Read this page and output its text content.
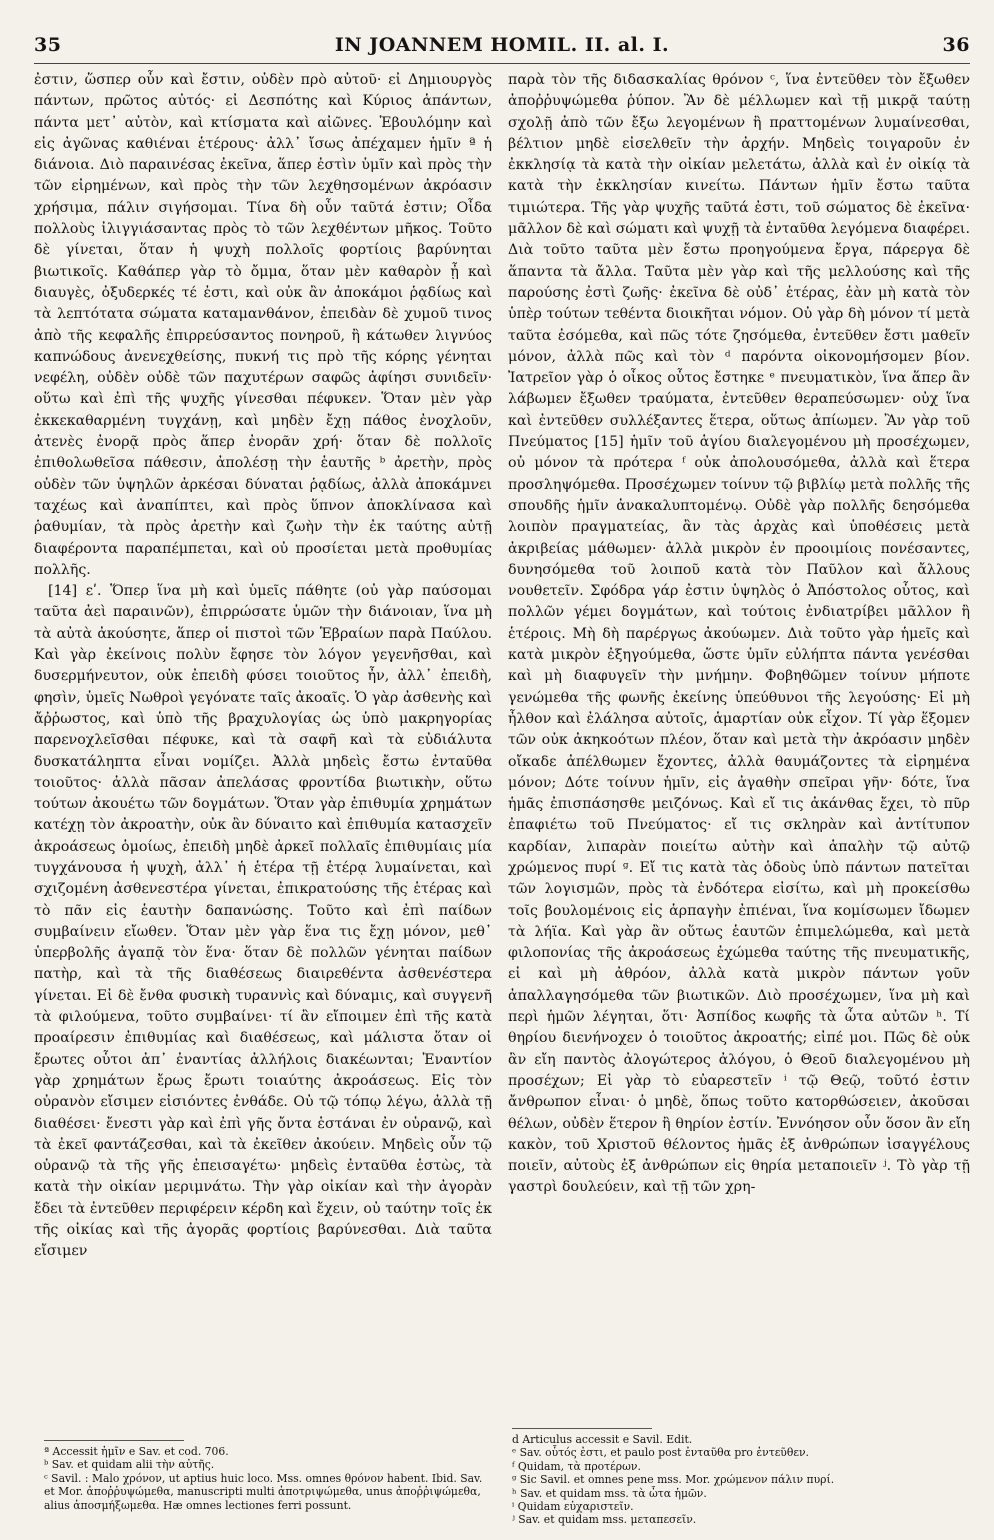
35	IN JOANNEM HOMIL. II. al. I.	36

ἐστιν, ὥσπερ οὖν καὶ ἔστιν, οὐδὲν πρὸ αὐτοῦ· εἰ Δημιουργὸς πάντων, πρῶτος αὐτός· εἰ Δεσπότης καὶ Κύριος ἁπάντων, πάντα μετ᾽ αὐτὸν, καὶ κτίσματα καὶ αἰῶνες. Ἐβουλόμην καὶ εἰς ἀγῶνας καθιέναι ἑτέρους· ἀλλ᾽ ἴσως ἀπέχαμεν ἡμῖν ª ἡ διάνοια. Διὸ παραινέσας ἐκεῖνα, ἅπερ ἐστὶν ὑμῖν καὶ πρὸς τὴν τῶν εἰρημένων, καὶ πρὸς τὴν τῶν λεχθησομένων ἀκρόασιν χρήσιμα, πάλιν σιγήσομαι. Τίνα δὴ οὖν ταῦτά ἐστιν; Οἶδα πολλοὺς ἰλιγγιάσαντας πρὸς τὸ τῶν λεχθέντων μῆκος. Τοῦτο δὲ γίνεται, ὅταν ἡ ψυχὴ πολλοῖς φορτίοις βαρύνηται βιωτικοῖς. Καθάπερ γὰρ τὸ ὄμμα, ὅταν μὲν καθαρὸν ᾖ καὶ διαυγὲς, ὀξυδερκές τέ ἐστι, καὶ οὐκ ἂν ἀποκάμοι ῥᾳδίως καὶ τὰ λεπτότατα σώματα καταμανθάνον, ἐπειδὰν δὲ χυμοῦ τινος ἀπὸ τῆς κεφαλῆς ἐπιρρεύσαντος πονηροῦ, ἢ κάτωθεν λιγνύος καπνώδους ἀνενεχθείσης, πυκνή τις πρὸ τῆς κόρης γένηται νεφέλη, οὐδὲν οὐδὲ τῶν παχυτέρων σαφῶς ἀφίησι συνιδεῖν· οὕτω καὶ ἐπὶ τῆς ψυχῆς γίνεσθαι πέφυκεν. Ὅταν μὲν γὰρ ἐκκεκαθαρμένη τυγχάνῃ, καὶ μηδὲν ἔχῃ πάθος ἐνοχλοῦν, ἀτενὲς ἐνορᾷ πρὸς ἅπερ ἐνορᾶν χρή· ὅταν δὲ πολλοῖς ἐπιθολωθεῖσα πάθεσιν, ἀπολέσῃ τὴν ἑαυτῆς ᵇ ἀρετὴν, πρὸς οὐδὲν τῶν ὑψηλῶν ἀρκέσαι δύναται ῥᾳδίως, ἀλλὰ ἀποκάμνει ταχέως καὶ ἀναπίπτει, καὶ πρὸς ὕπνον ἀποκλίνασα καὶ ῥαθυμίαν, τὰ πρὸς ἀρετὴν καὶ ζωὴν τὴν ἐκ ταύτης αὐτῇ διαφέροντα παραπέμπεται, καὶ οὐ προσίεται μετὰ προθυμίας πολλῆς.

[14] εʹ. Ὅπερ ἵνα μὴ καὶ ὑμεῖς πάθητε (οὐ γὰρ παύσομαι ταῦτα ἀεὶ παραινῶν), ἐπιρρώσατε ὑμῶν τὴν διάνοιαν, ἵνα μὴ τὰ αὐτὰ ἀκούσητε, ἅπερ οἱ πιστοὶ τῶν Ἑβραίων παρὰ Παύλου. Καὶ γὰρ ἐκείνοις πολὺν ἔφησε τὸν λόγον γεγενῆσθαι, καὶ δυσερμήνευτον, οὐκ ἐπειδὴ φύσει τοιοῦτος ἦν, ἀλλ᾽ ἐπειδὴ, φησὶν, ὑμεῖς Νωθροὶ γεγόνατε ταῖς ἀκοαῖς. Ὁ γὰρ ἀσθενὴς καὶ ἄῤῥωστος, καὶ ὑπὸ τῆς βραχυλογίας ὡς ὑπὸ μακρηγορίας παρενοχλεῖσθαι πέφυκε, καὶ τὰ σαφῆ καὶ τὰ εὐδιάλυτα δυσκατάληπτα εἶναι νομίζει. Ἀλλὰ μηδεὶς ἔστω ἐνταῦθα τοιοῦτος· ἀλλὰ πᾶσαν ἀπελάσας φροντίδα βιωτικὴν, οὕτω τούτων ἀκουέτω τῶν δογμάτων. Ὅταν γὰρ ἐπιθυμία χρημάτων κατέχῃ τὸν ἀκροατὴν, οὐκ ἂν δύναιτο καὶ ἐπιθυμία κατασχεῖν ἀκροάσεως ὁμοίως, ἐπειδὴ μηδὲ ἀρκεῖ πολλαῖς ἐπιθυμίαις μία τυγχάνουσα ἡ ψυχὴ, ἀλλ᾽ ἡ ἑτέρα τῇ ἑτέρᾳ λυμαίνεται, καὶ σχιζομένη ἀσθενεστέρα γίνεται, ἐπικρατούσης τῆς ἑτέρας καὶ τὸ πᾶν εἰς ἑαυτὴν δαπανώσης. Τοῦτο καὶ ἐπὶ παίδων συμβαίνειν εἴωθεν. Ὅταν μὲν γὰρ ἕνα τις ἔχῃ μόνον, μεθ᾽ ὑπερβολῆς ἀγαπᾷ τὸν ἕνα· ὅταν δὲ πολλῶν γένηται παίδων πατὴρ, καὶ τὰ τῆς διαθέσεως διαιρεθέντα ἀσθενέστερα γίνεται. Εἰ δὲ ἔνθα φυσικὴ τυραννὶς καὶ δύναμις, καὶ συγγενῆ τὰ φιλούμενα, τοῦτο συμβαίνει· τί ἂν εἴποιμεν ἐπὶ τῆς κατὰ προαίρεσιν ἐπιθυμίας καὶ διαθέσεως, καὶ μάλιστα ὅταν οἱ ἔρωτες οὗτοι ἀπ᾽ ἐναντίας ἀλλήλοις διακέωνται; Ἐναντίον γὰρ χρημάτων ἔρως ἔρωτι τοιαύτης ἀκροάσεως. Εἰς τὸν οὐρανὸν εἴσιμεν εἰσιόντες ἐνθάδε. Οὐ τῷ τόπῳ λέγω, ἀλλὰ τῇ διαθέσει· ἔνεστι γὰρ καὶ ἐπὶ γῆς ὄντα ἑστάναι ἐν οὐρανῷ, καὶ τὰ ἐκεῖ φαντάζεσθαι, καὶ τὰ ἐκεῖθεν ἀκούειν. Μηδεὶς οὖν τῷ οὐρανῷ τὰ τῆς γῆς ἐπεισαγέτω· μηδεὶς ἐνταῦθα ἑστὼς, τὰ κατὰ τὴν οἰκίαν μεριμνάτω. Τὴν γὰρ οἰκίαν καὶ τὴν ἀγορὰν ἔδει τὰ ἐντεῦθεν περιφέρειν κέρδη καὶ ἔχειν, οὐ ταύτην τοῖς ἐκ τῆς οἰκίας καὶ τῆς ἀγορᾶς φορτίοις βαρύνεσθαι. Διὰ ταῦτα εἴσιμεν

παρὰ τὸν τῆς διδασκαλίας θρόνον ᶜ, ἵνα ἐντεῦθεν τὸν ἔξωθεν ἀποῤῥυψώμεθα ῥύπον. Ἂν δὲ μέλλωμεν καὶ τῇ μικρᾷ ταύτῃ σχολῇ ἀπὸ τῶν ἔξω λεγομένων ἢ πραττομένων λυμαίνεσθαι, βέλτιον μηδὲ εἰσελθεῖν τὴν ἀρχήν. Μηδεὶς τοιγαροῦν ἐν ἐκκλησίᾳ τὰ κατὰ τὴν οἰκίαν μελετάτω, ἀλλὰ καὶ ἐν οἰκίᾳ τὰ κατὰ τὴν ἐκκλησίαν κινείτω. Πάντων ἡμῖν ἔστω ταῦτα τιμιώτερα. Τῆς γὰρ ψυχῆς ταῦτά ἐστι, τοῦ σώματος δὲ ἐκεῖνα· μᾶλλον δὲ καὶ σώματι καὶ ψυχῇ τὰ ἐνταῦθα λεγόμενα διαφέρει. Διὰ τοῦτο ταῦτα μὲν ἔστω προηγούμενα ἔργα, πάρεργα δὲ ἅπαντα τὰ ἄλλα. Ταῦτα μὲν γὰρ καὶ τῆς μελλούσης καὶ τῆς παρούσης ἐστὶ ζωῆς· ἐκεῖνα δὲ οὐδ᾽ ἑτέρας, ἐὰν μὴ κατὰ τὸν ὑπὲρ τούτων τεθέντα διοικῆται νόμον. Οὐ γὰρ δὴ μόνον τί μετὰ ταῦτα ἐσόμεθα, καὶ πῶς τότε ζησόμεθα, ἐντεῦθεν ἔστι μαθεῖν μόνον, ἀλλὰ πῶς καὶ τὸν ᵈ παρόντα οἰκονομήσομεν βίον. Ἰατρεῖον γὰρ ὁ οἶκος οὗτος ἔστηκε ᵉ πνευματικὸν, ἵνα ἅπερ ἂν λάβωμεν ἔξωθεν τραύματα, ἐντεῦθεν θεραπεύσωμεν· οὐχ ἵνα καὶ ἐντεῦθεν συλλέξαντες ἕτερα, οὕτως ἀπίωμεν. Ἂν γὰρ τοῦ Πνεύματος [15] ἡμῖν τοῦ ἁγίου διαλεγομένου μὴ προσέχωμεν, οὐ μόνον τὰ πρότερα ᶠ οὐκ ἀπολουσόμεθα, ἀλλὰ καὶ ἕτερα προσληψόμεθα. Προσέχωμεν τοίνυν τῷ βιβλίῳ μετὰ πολλῆς τῆς σπουδῆς ἡμῖν ἀνακαλυπτομένῳ. Οὐδὲ γὰρ πολλῆς δεησόμεθα λοιπὸν πραγματείας, ἂν τὰς ἀρχὰς καὶ ὑποθέσεις μετὰ ἀκριβείας μάθωμεν· ἀλλὰ μικρὸν ἐν προοιμίοις πονέσαντες, δυνησόμεθα τοῦ λοιποῦ κατὰ τὸν Παῦλον καὶ ἄλλους νουθετεῖν. Σφόδρα γάρ ἐστιν ὑψηλὸς ὁ Ἀπόστολος οὗτος, καὶ πολλῶν γέμει δογμάτων, καὶ τούτοις ἐνδιατρίβει μᾶλλον ἢ ἑτέροις. Μὴ δὴ παρέργως ἀκούωμεν. Διὰ τοῦτο γὰρ ἡμεῖς καὶ κατὰ μικρὸν ἐξηγούμεθα, ὥστε ὑμῖν εὐλήπτα πάντα γενέσθαι καὶ μὴ διαφυγεῖν τὴν μνήμην. Φοβηθῶμεν τοίνυν μήποτε γενώμεθα τῆς φωνῆς ἐκείνης ὑπεύθυνοι τῆς λεγούσης· Εἰ μὴ ἦλθον καὶ ἐλάλησα αὐτοῖς, ἁμαρτίαν οὐκ εἶχον. Τί γὰρ ἕξομεν τῶν οὐκ ἀκηκοότων πλέον, ὅταν καὶ μετὰ τὴν ἀκρόασιν μηδὲν οἴκαδε ἀπέλθωμεν ἔχοντες, ἀλλὰ θαυμάζοντες τὰ εἰρημένα μόνον; Δότε τοίνυν ἡμῖν, εἰς ἀγαθὴν σπεῖραι γῆν· δότε, ἵνα ἡμᾶς ἐπισπάσησθε μειζόνως. Καὶ εἴ τις ἀκάνθας ἔχει, τὸ πῦρ ἐπαφιέτω τοῦ Πνεύματος· εἴ τις σκληρὰν καὶ ἀντίτυπον καρδίαν, λιπαρὰν ποιείτω αὐτὴν καὶ ἁπαλὴν τῷ αὐτῷ χρώμενος πυρί ᵍ. Εἴ τις κατὰ τὰς ὁδοὺς ὑπὸ πάντων πατεῖται τῶν λογισμῶν, πρὸς τὰ ἐνδότερα εἰσίτω, καὶ μὴ προκείσθω τοῖς βουλομένοις εἰς ἁρπαγὴν ἐπιέναι, ἵνα κομίσωμεν ἴδωμεν τὰ λήϊα. Καὶ γὰρ ἂν οὕτως ἑαυτῶν ἐπιμελώμεθα, καὶ μετὰ φιλοπονίας τῆς ἀκροάσεως ἐχώμεθα ταύτης τῆς πνευματικῆς, εἰ καὶ μὴ ἀθρόον, ἀλλὰ κατὰ μικρὸν πάντων γοῦν ἀπαλλαγησόμεθα τῶν βιωτικῶν. Διὸ προσέχωμεν, ἵνα μὴ καὶ περὶ ἡμῶν λέγηται, ὅτι· Ἀσπίδος κωφῆς τὰ ὦτα αὐτῶν ʰ. Τί θηρίου διενήνοχεν ὁ τοιοῦτος ἀκροατής; εἰπέ μοι. Πῶς δὲ οὐκ ἂν εἴη παντὸς ἀλογώτερος ἀλόγου, ὁ Θεοῦ διαλεγομένου μὴ προσέχων; Εἰ γὰρ τὸ εὐαρεστεῖν ⁱ τῷ Θεῷ, τοῦτό ἐστιν ἄνθρωπον εἶναι· ὁ μηδὲ, ὅπως τοῦτο κατορθώσειεν, ἀκοῦσαι θέλων, οὐδὲν ἕτερον ἢ θηρίον ἐστίν. Ἐννόησον οὖν ὅσον ἂν εἴη κακὸν, τοῦ Χριστοῦ θέλοντος ἡμᾶς ἐξ ἀνθρώπων ἰσαγγέλους ποιεῖν, αὐτοὺς ἐξ ἀνθρώπων εἰς θηρία μεταποιεῖν ʲ. Τὸ γὰρ τῇ γαστρὶ δουλεύειν, καὶ τῇ τῶν χρη-

ª Accessit ἡμῖν e Sav. et cod. 706.
ᵇ Sav. et quidam alii τὴν αὐτῆς.
ᶜ Savil. : Malo χρόνον, ut aptius huic loco. Mss. omnes θρόνον habent. Ibid. Sav. et Mor. ἀποῤῥυψώμεθα, manuscripti multi ἀποτριψώμεθα, unus ἀποῤῥιψώμεθα, alius ἀποσμήξωμεθα. Hæ omnes lectiones ferri possunt.
d Articulus accessit e Savil. Edit.
ᵉ Sav. οὗτός ἐστι, et paulo post ἐνταῦθα pro ἐντεῦθεν.
ᶠ Quidam, τὰ προτέρων.
ᵍ Sic Savil. et omnes pene mss. Mor. χρώμενον πάλιν πυρί.
ʰ Sav. et quidam mss. τὰ ὦτα ἡμῶν.
ⁱ Quidam εὐχαριστεῖν.
ʲ Sav. et quidam mss. μεταπεσεῖν.
